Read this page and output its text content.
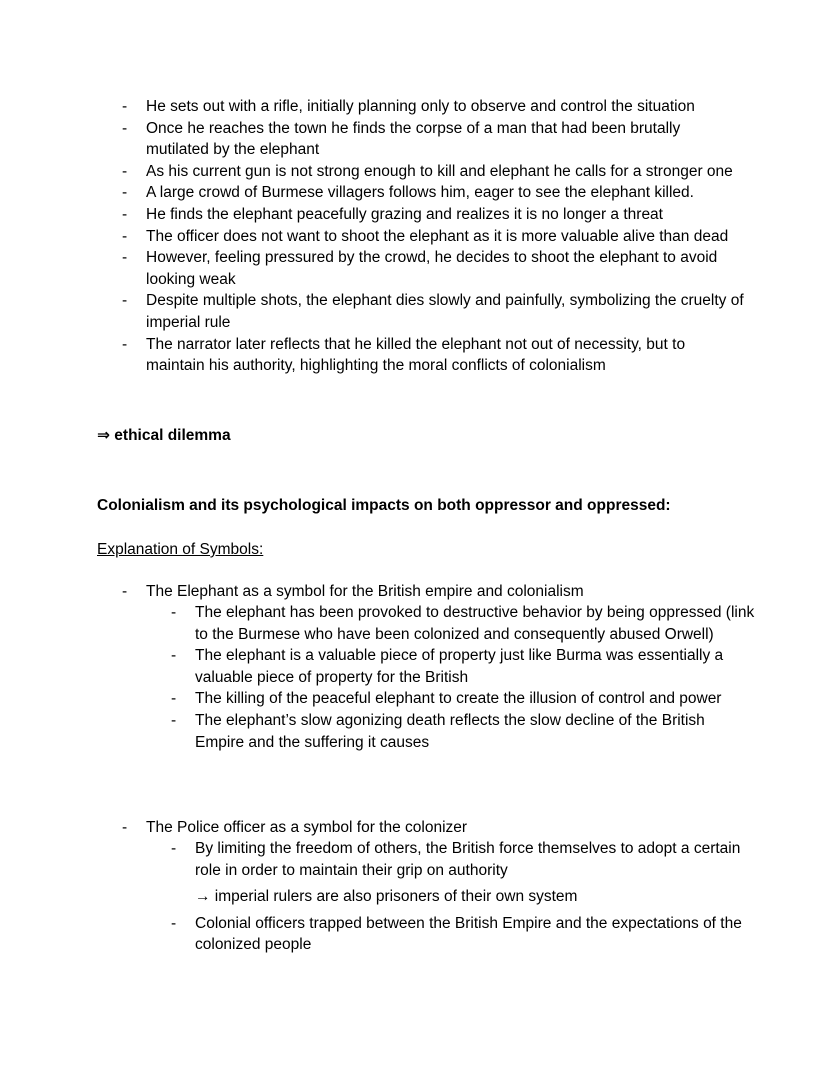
- He sets out with a rifle, initially planning only to observe and control the situation
- Once he reaches the town he finds the corpse of a man that had been brutally mutilated by the elephant
- As his current gun is not strong enough to kill and elephant he calls for a stronger one
- A large crowd of Burmese villagers follows him, eager to see the elephant killed.
- He finds the elephant peacefully grazing and realizes it is no longer a threat
- The officer does not want to shoot the elephant as it is more valuable alive than dead
- However, feeling pressured by the crowd, he decides to shoot the elephant to avoid looking weak
- Despite multiple shots, the elephant dies slowly and painfully, symbolizing the cruelty of imperial rule
- The narrator later reflects that he killed the elephant not out of necessity, but to maintain his authority, highlighting the moral conflicts of colonialism
⇒ ethical dilemma
Colonialism and its psychological impacts on both oppressor and oppressed:
Explanation of Symbols:
- The Elephant as a symbol for the British empire and colonialism
- The elephant has been provoked to destructive behavior by being oppressed (link to the Burmese who have been colonized and consequently abused Orwell)
- The elephant is a valuable piece of property just like Burma was essentially a valuable piece of property for the British
- The killing of the peaceful elephant to create the illusion of control and power
- The elephant’s slow agonizing death reflects the slow decline of the British Empire and the suffering it causes
- The Police officer as a symbol for the colonizer
- By limiting the freedom of others, the British force themselves to adopt a certain role in order to maintain their grip on authority
→ imperial rulers are also prisoners of their own system
- Colonial officers trapped between the British Empire and the expectations of the colonized people
